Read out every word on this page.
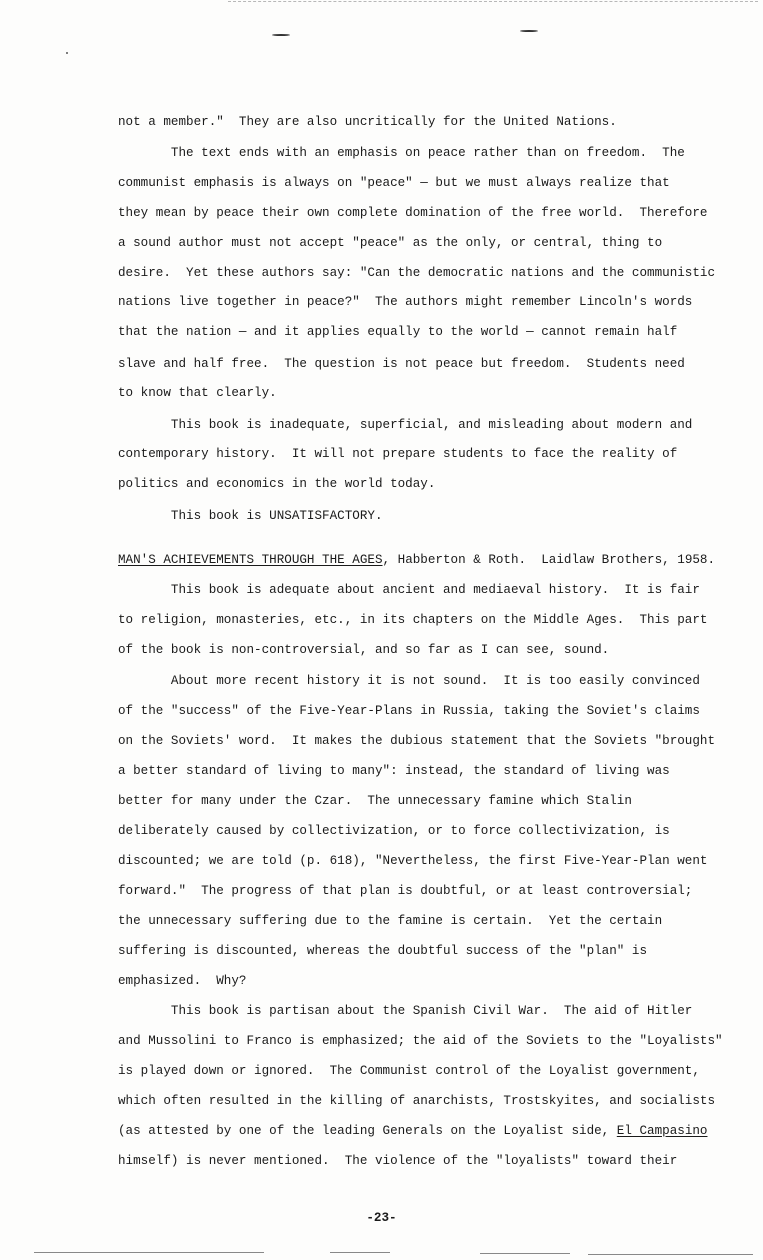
not a member."  They are also uncritically for the United Nations.
The text ends with an emphasis on peace rather than on freedom.  The
communist emphasis is always on "peace" — but we must always realize that
they mean by peace their own complete domination of the free world.  Therefore
a sound author must not accept "peace" as the only, or central, thing to
desire.  Yet these authors say: "Can the democratic nations and the communistic
nations live together in peace?"  The authors might remember Lincoln's words
that the nation — and it applies equally to the world — cannot remain half
slave and half free.  The question is not peace but freedom.  Students need
to know that clearly.
This book is inadequate, superficial, and misleading about modern and
contemporary history.  It will not prepare students to face the reality of
politics and economics in the world today.
This book is UNSATISFACTORY.
MAN'S ACHIEVEMENTS THROUGH THE AGES, Habberton & Roth.  Laidlaw Brothers, 1958.
This book is adequate about ancient and mediaeval history.  It is fair
to religion, monasteries, etc., in its chapters on the Middle Ages.  This part
of the book is non-controversial, and so far as I can see, sound.
About more recent history it is not sound.  It is too easily convinced
of the "success" of the Five-Year-Plans in Russia, taking the Soviet's claims
on the Soviets' word.  It makes the dubious statement that the Soviets "brought
a better standard of living to many": instead, the standard of living was
better for many under the Czar.  The unnecessary famine which Stalin
deliberately caused by collectivization, or to force collectivization, is
discounted; we are told (p. 618), "Nevertheless, the first Five-Year-Plan went
forward."  The progress of that plan is doubtful, or at least controversial;
the unnecessary suffering due to the famine is certain.  Yet the certain
suffering is discounted, whereas the doubtful success of the "plan" is
emphasized.  Why?
This book is partisan about the Spanish Civil War.  The aid of Hitler
and Mussolini to Franco is emphasized; the aid of the Soviets to the "Loyalists"
is played down or ignored.  The Communist control of the Loyalist government,
which often resulted in the killing of anarchists, Trostskyites, and socialists
(as attested by one of the leading Generals on the Loyalist side, El Campasino
himself) is never mentioned.  The violence of the "loyalists" toward their
-23-
